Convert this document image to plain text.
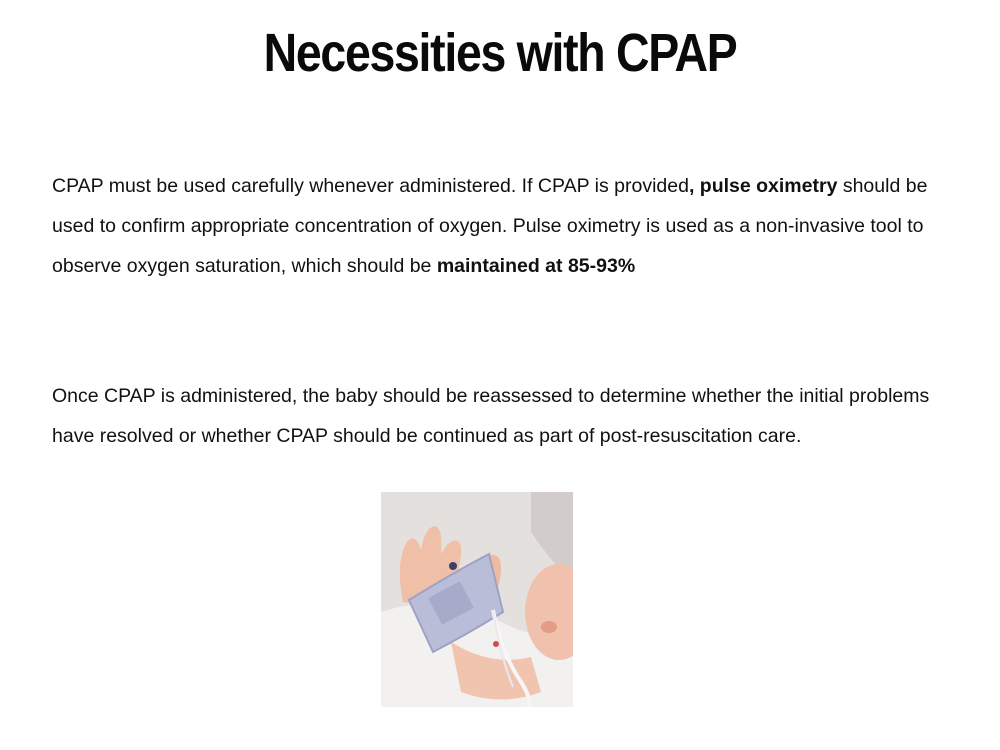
Necessities with CPAP

CPAP must be used carefully whenever administered. If CPAP is provided, pulse oximetry should be used to confirm appropriate concentration of oxygen. Pulse oximetry is used as a non-invasive tool to observe oxygen saturation, which should be maintained at 85-93%

Once CPAP is administered, the baby should be reassessed to determine whether the initial problems have resolved or whether CPAP should be continued as part of post-resuscitation care.
